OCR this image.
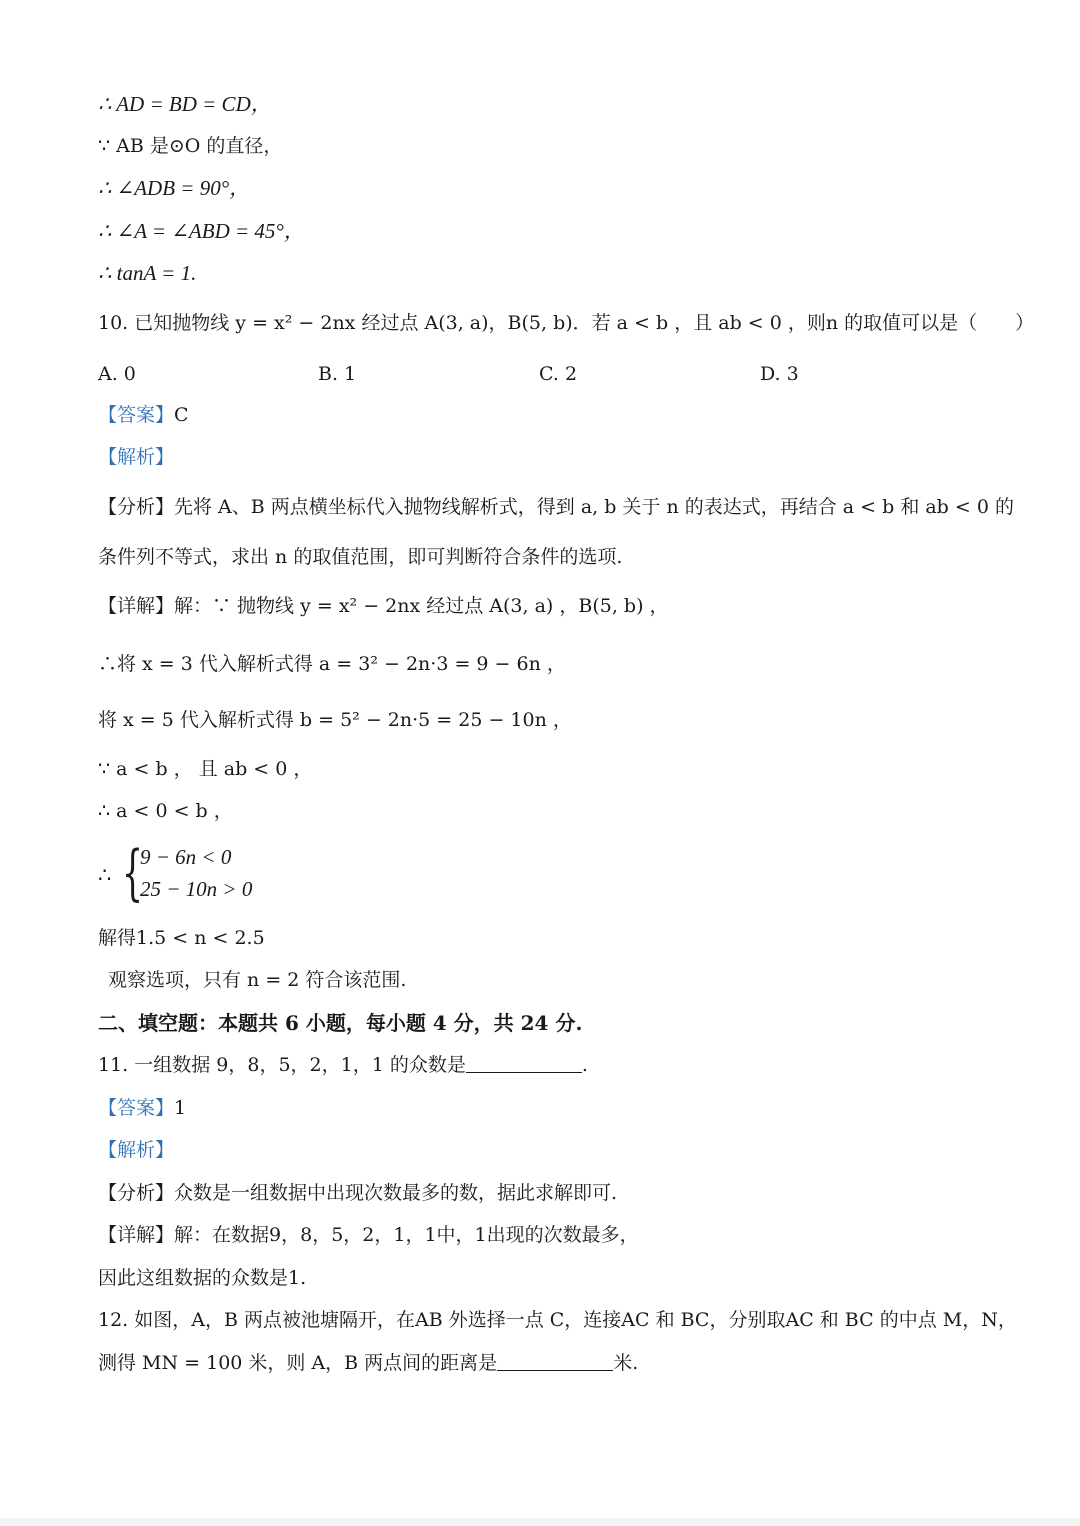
∴ AD = BD = CD，
∵ AB 是⊙O 的直径，
∴ ∠ADB = 90°，
∴ ∠A = ∠ABD = 45°，
∴ tanA = 1.
10. 已知抛物线 y = x² − 2nx 经过点 A(3, a)，B(5, b)．若 a < b ，且 ab < 0 ，则n 的取值可以是（　　）
A. 0	B. 1	C. 2	D. 3
【答案】C
【解析】
【分析】先将 A、B 两点横坐标代入抛物线解析式，得到 a, b 关于 n 的表达式，再结合 a < b 和 ab < 0 的
条件列不等式，求出 n 的取值范围，即可判断符合条件的选项.
【详解】解：∵ 抛物线 y = x² − 2nx 经过点 A(3, a) ，B(5, b) ，
∴将 x = 3 代入解析式得 a = 3² − 2n·3 = 9 − 6n ，
将 x = 5 代入解析式得 b = 5² − 2n·5 = 25 − 10n ，
∵ a < b ， 且 ab < 0 ，
∴ a < 0 < b ，
∴ {
9 − 6n < 0
25 − 10n > 0
解得1.5 < n < 2.5
观察选项，只有 n = 2 符合该范围.
二、填空题：本题共 6 小题，每小题 4 分，共 24 分.
11. 一组数据 9，8，5，2，1，1 的众数是	.
【答案】1
【解析】
【分析】众数是一组数据中出现次数最多的数，据此求解即可.
【详解】解：在数据9，8，5，2，1，1中，1出现的次数最多，
因此这组数据的众数是1.
12. 如图，A，B 两点被池塘隔开，在AB 外选择一点 C，连接AC 和 BC，分别取AC 和 BC 的中点 M，N，
测得 MN = 100 米，则 A，B 两点间的距离是	米.
